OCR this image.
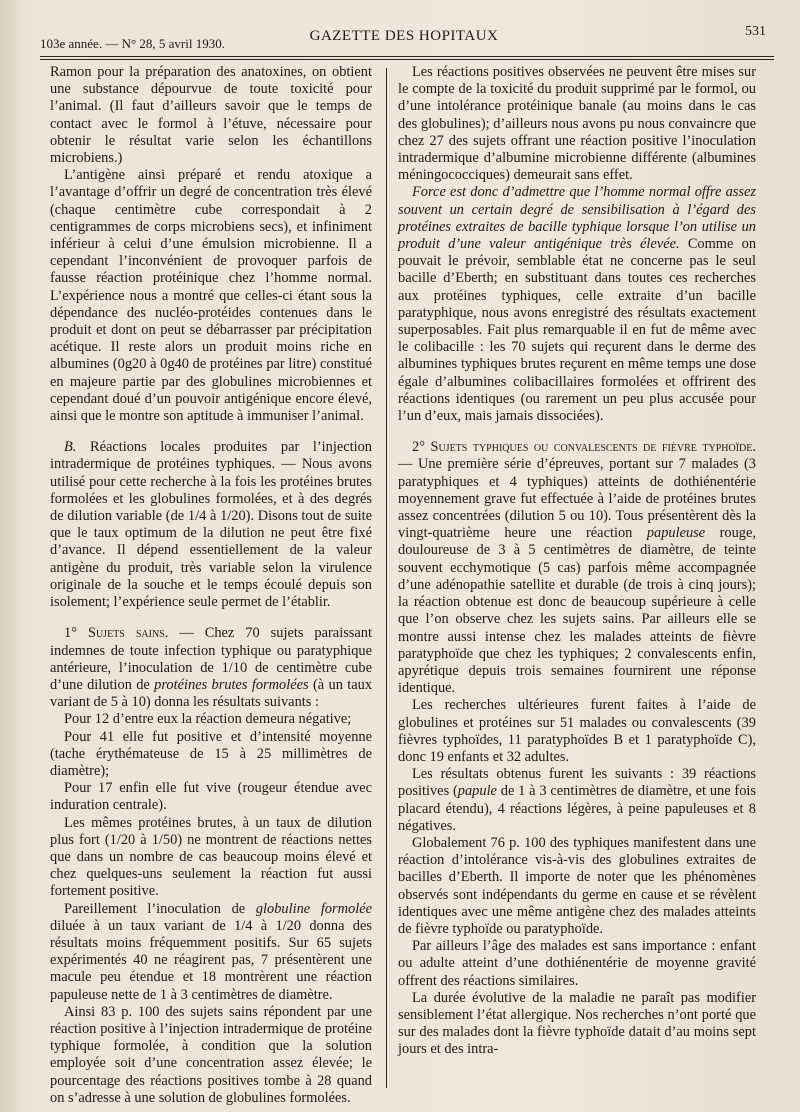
103e année. — N° 28, 5 avril 1930.	GAZETTE DES HOPITAUX	531

Ramon pour la préparation des anatoxines, on obtient une substance dépourvue de toute toxicité pour l’animal. (Il faut d’ailleurs savoir que le temps de contact avec le formol à l’étuve, nécessaire pour obtenir le résultat varie selon les échantillons microbiens.)

L’antigène ainsi préparé et rendu atoxique a l’avantage d’offrir un degré de concentration très élevé (chaque centimètre cube correspondait à 2 centigrammes de corps microbiens secs), et infiniment inférieur à celui d’une émulsion microbienne. Il a cependant l’inconvénient de provoquer parfois de fausse réaction protéinique chez l’homme normal. L’expérience nous a montré que celles-ci étant sous la dépendance des nucléo-protéides contenues dans le produit et dont on peut se débarrasser par précipitation acétique. Il reste alors un produit moins riche en albumines (0g20 à 0g40 de protéines par litre) constitué en majeure partie par des globulines microbiennes et cependant doué d’un pouvoir antigénique encore élevé, ainsi que le montre son aptitude à immuniser l’animal.

B. Réactions locales produites par l’injection intradermique de protéines typhiques. — Nous avons utilisé pour cette recherche à la fois les protéines brutes formolées et les globulines formolées, et à des degrés de dilution variable (de 1/4 à 1/20). Disons tout de suite que le taux optimum de la dilution ne peut être fixé d’avance. Il dépend essentiellement de la valeur antigène du produit, très variable selon la virulence originale de la souche et le temps écoulé depuis son isolement; l’expérience seule permet de l’établir.

1° Sujets sains. — Chez 70 sujets paraissant indemnes de toute infection typhique ou paratyphique antérieure, l’inoculation de 1/10 de centimètre cube d’une dilution de protéines brutes formolées (à un taux variant de 5 à 10) donna les résultats suivants :

Pour 12 d’entre eux la réaction demeura négative;

Pour 41 elle fut positive et d’intensité moyenne (tache érythémateuse de 15 à 25 millimètres de diamètre);

Pour 17 enfin elle fut vive (rougeur étendue avec induration centrale).

Les mêmes protéines brutes, à un taux de dilution plus fort (1/20 à 1/50) ne montrent de réactions nettes que dans un nombre de cas beaucoup moins élevé et chez quelques-uns seulement la réaction fut aussi fortement positive.

Pareillement l’inoculation de globuline formolée diluée à un taux variant de 1/4 à 1/20 donna des résultats moins fréquemment positifs. Sur 65 sujets expérimentés 40 ne réagirent pas, 7 présentèrent une macule peu étendue et 18 montrèrent une réaction papuleuse nette de 1 à 3 centimètres de diamètre.

Ainsi 83 p. 100 des sujets sains répondent par une réaction positive à l’injection intradermique de protéine typhique formolée, à condition que la solution employée soit d’une concentration assez élevée; le pourcentage des réactions positives tombe à 28 quand on s’adresse à une solution de globulines formolées.

Les réactions positives observées ne peuvent être mises sur le compte de la toxicité du produit supprimé par le formol, ou d’une intolérance protéinique banale (au moins dans le cas des globulines); d’ailleurs nous avons pu nous convaincre que chez 27 des sujets offrant une réaction positive l’inoculation intradermique d’albumine microbienne différente (albumines méningococciques) demeurait sans effet.

Force est donc d’admettre que l’homme normal offre assez souvent un certain degré de sensibilisation à l’égard des protéines extraites de bacille typhique lorsque l’on utilise un produit d’une valeur antigénique très élevée. Comme on pouvait le prévoir, semblable état ne concerne pas le seul bacille d’Eberth; en substituant dans toutes ces recherches aux protéines typhiques, celle extraite d’un bacille paratyphique, nous avons enregistré des résultats exactement superposables. Fait plus remarquable il en fut de même avec le colibacille : les 70 sujets qui reçurent dans le derme des albumines typhiques brutes reçurent en même temps une dose égale d’albumines colibacillaires formolées et offrirent des réactions identiques (ou rarement un peu plus accusée pour l’un d’eux, mais jamais dissociées).

2° Sujets typhiques ou convalescents de fièvre typhoïde. — Une première série d’épreuves, portant sur 7 malades (3 paratyphiques et 4 typhiques) atteints de dothiénentérie moyennement grave fut effectuée à l’aide de protéines brutes assez concentrées (dilution 5 ou 10). Tous présentèrent dès la vingt-quatrième heure une réaction papuleuse rouge, douloureuse de 3 à 5 centimètres de diamètre, de teinte souvent ecchymotique (5 cas) parfois même accompagnée d’une adénopathie satellite et durable (de trois à cinq jours); la réaction obtenue est donc de beaucoup supérieure à celle que l’on observe chez les sujets sains. Par ailleurs elle se montre aussi intense chez les malades atteints de fièvre paratyphoïde que chez les typhiques; 2 convalescents enfin, apyrétique depuis trois semaines fournirent une réponse identique.

Les recherches ultérieures furent faites à l’aide de globulines et protéines sur 51 malades ou convalescents (39 fièvres typhoïdes, 11 paratyphoïdes B et 1 paratyphoïde C), donc 19 enfants et 32 adultes.

Les résultats obtenus furent les suivants : 39 réactions positives (papule de 1 à 3 centimètres de diamètre, et une fois placard étendu), 4 réactions légères, à peine papuleuses et 8 négatives.

Globalement 76 p. 100 des typhiques manifestent dans une réaction d’intolérance vis-à-vis des globulines extraites de bacilles d’Eberth. Il importe de noter que les phénomènes observés sont indépendants du germe en cause et se révèlent identiques avec une même antigène chez des malades atteints de fièvre typhoïde ou paratyphoïde.

Par ailleurs l’âge des malades est sans importance : enfant ou adulte atteint d’une dothiénentérie de moyenne gravité offrent des réactions similaires.

La durée évolutive de la maladie ne paraît pas modifier sensiblement l’état allergique. Nos recherches n’ont porté que sur des malades dont la fièvre typhoïde datait d’au moins sept jours et des intra-
